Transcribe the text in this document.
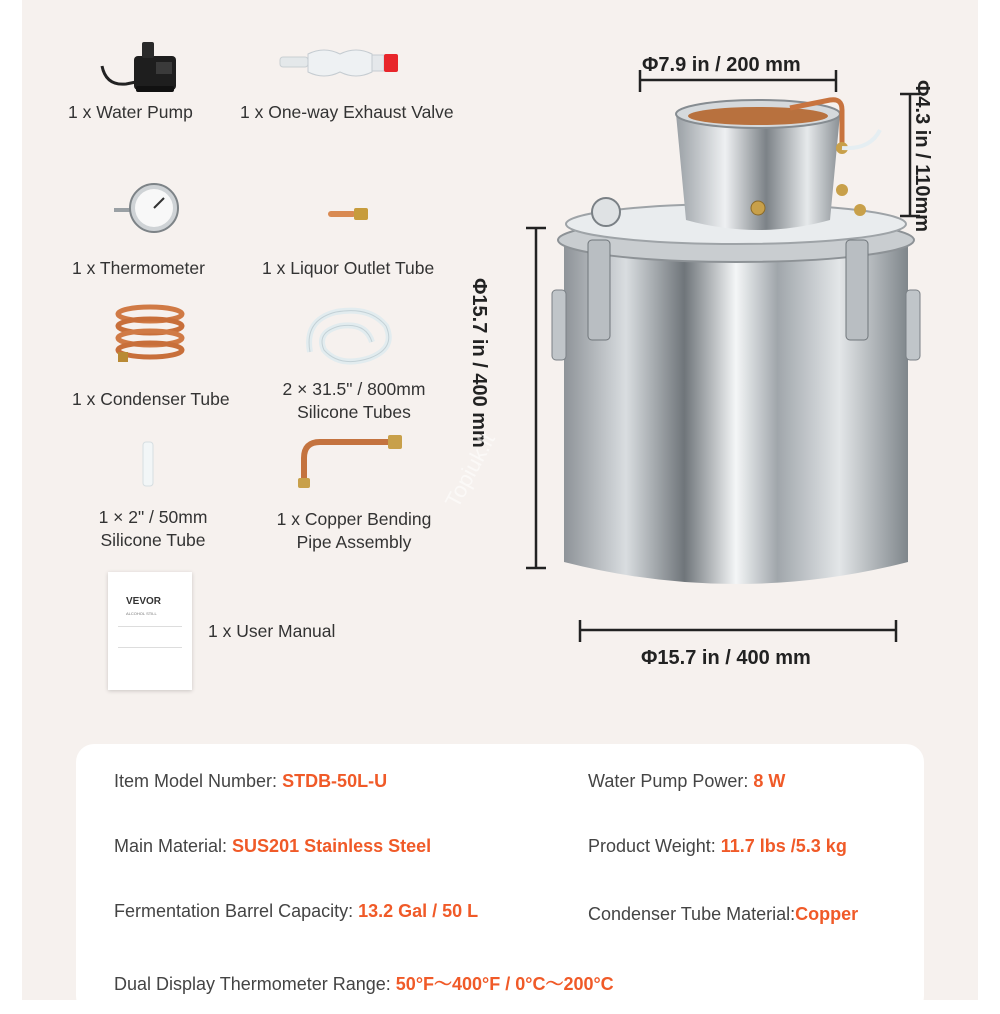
1 x Water Pump	1 x One-way Exhaust Valve
1 x Thermometer	1 x Liquor Outlet Tube
1 x Condenser Tube	2 × 31.5" / 800mm
Silicone Tubes
1 × 2" / 50mm
Silicone Tube
1 x Copper Bending
Pipe Assembly
VEVOR
ALCOHOL STILL
1 x User Manual
Φ7.9 in / 200 mm
Φ4.3 in / 110mm
Φ15.7 in / 400 mm
Φ15.7 in / 400 mm
Topiuk.lt
Item Model Number: STDB-50L-U	Water Pump Power: 8 W
Main Material: SUS201 Stainless Steel	Product Weight: 11.7 lbs /5.3 kg
Fermentation Barrel Capacity: 13.2 Gal / 50 L	Condenser Tube Material:Copper
Dual Display Thermometer Range: 50°F～400°F / 0°C～200°C
